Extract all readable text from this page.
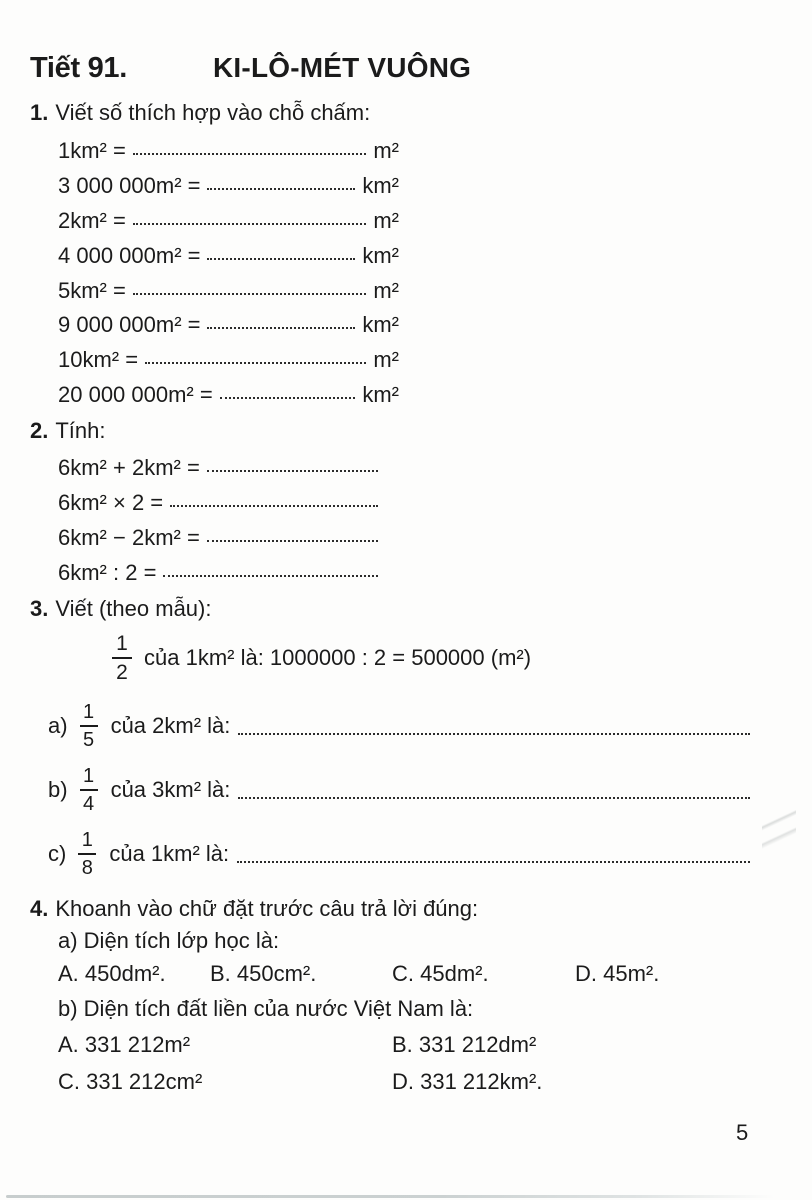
Tiết 91.	KI-LÔ-MÉT VUÔNG
1. Viết số thích hợp vào chỗ chấm:
1km² =	m²
3 000 000m² =	km²
2km² =	m²
4 000 000m² =	km²
5km² =	m²
9 000 000m² =	km²
10km² =	m²
20 000 000m² =	km²
2. Tính:
6km² + 2km² =
6km² × 2 =
6km² − 2km² =
6km² : 2 =
3. Viết (theo mẫu):
$\frac{1}{2}$ của 1km² là: 1000000 : 2 = 500000 (m²)
$a) \frac{1}{5}$ của 2km² là:
$b) \frac{1}{4}$ của 3km² là:
$c) \frac{1}{8}$ của 1km² là:
4. Khoanh vào chữ đặt trước câu trả lời đúng:
a) Diện tích lớp học là:
A. 450dm².	B. 450cm².	C. 45dm².	D. 45m².
b) Diện tích đất liền của nước Việt Nam là:
A. 331 212m²	B. 331 212dm²
C. 331 212cm²	D. 331 212km².
5
